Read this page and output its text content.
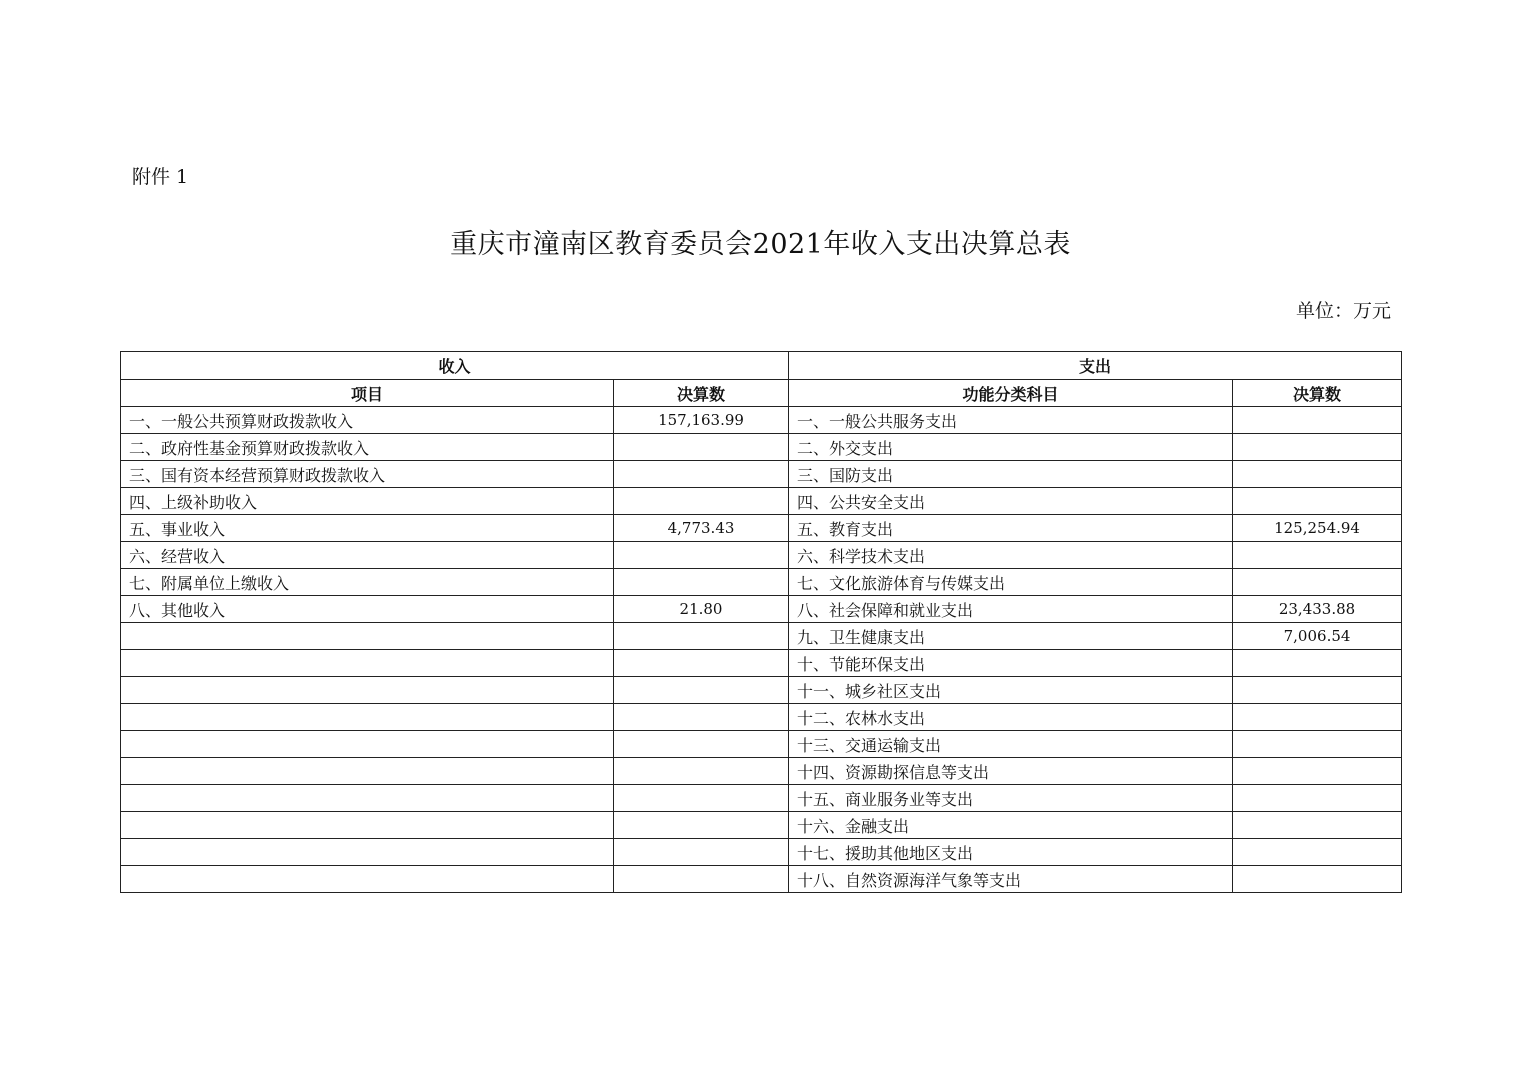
附件 1
重庆市潼南区教育委员会2021年收入支出决算总表
单位：万元
收入		支出	
项目	决算数	功能分类科目	决算数
一、一般公共预算财政拨款收入	157,163.99	一、一般公共服务支出	
二、政府性基金预算财政拨款收入		二、外交支出	
三、国有资本经营预算财政拨款收入		三、国防支出	
四、上级补助收入		四、公共安全支出	
五、事业收入	4,773.43	五、教育支出	125,254.94
六、经营收入		六、科学技术支出	
七、附属单位上缴收入		七、文化旅游体育与传媒支出	
八、其他收入	21.80	八、社会保障和就业支出	23,433.88
		九、卫生健康支出	7,006.54
		十、节能环保支出	
		十一、城乡社区支出	
		十二、农林水支出	
		十三、交通运输支出	
		十四、资源勘探信息等支出	
		十五、商业服务业等支出	
		十六、金融支出	
		十七、援助其他地区支出	
		十八、自然资源海洋气象等支出	
